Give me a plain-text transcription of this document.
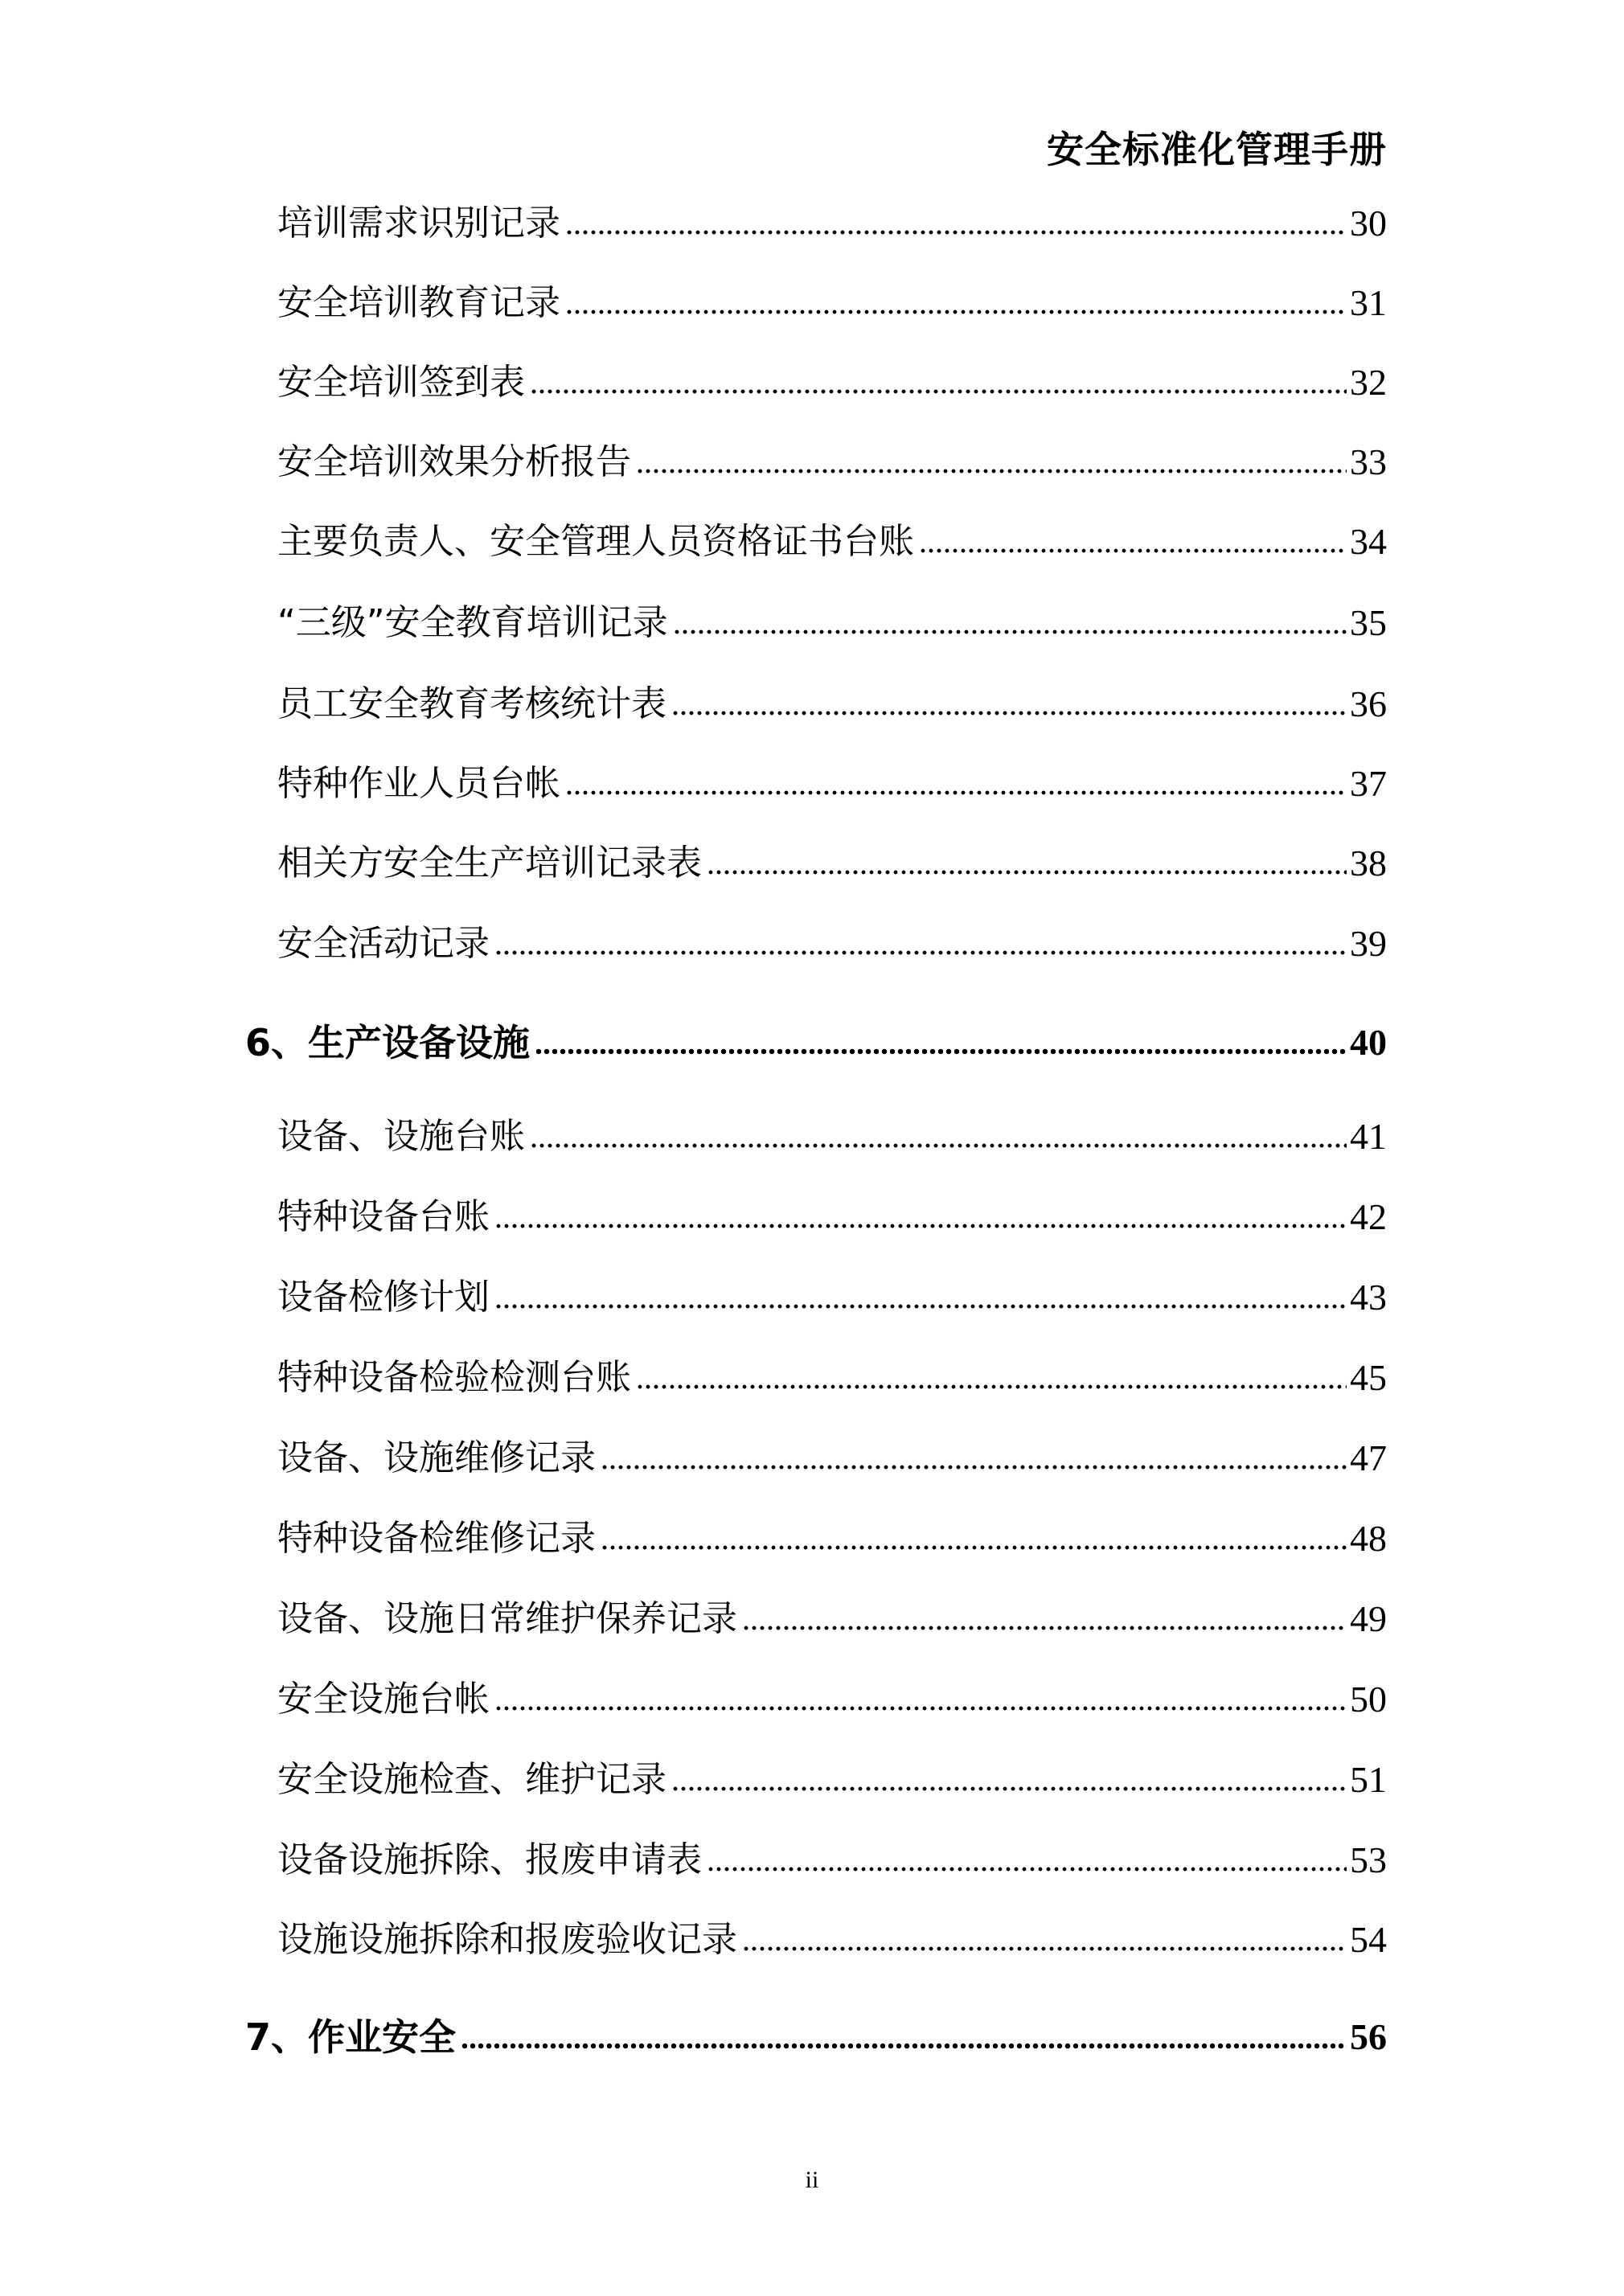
安全标准化管理手册
培训需求识别记录	30
安全培训教育记录	31
安全培训签到表	32
安全培训效果分析报告	33
主要负责人、安全管理人员资格证书台账	34
“三级”安全教育培训记录	35
员工安全教育考核统计表	36
特种作业人员台帐	37
相关方安全生产培训记录表	38
安全活动记录	39
6、生产设备设施	40
设备、设施台账	41
特种设备台账	42
设备检修计划	43
特种设备检验检测台账	45
设备、设施维修记录	47
特种设备检维修记录	48
设备、设施日常维护保养记录	49
安全设施台帐	50
安全设施检查、维护记录	51
设备设施拆除、报废申请表	53
设施设施拆除和报废验收记录	54
7、作业安全	56
ii
